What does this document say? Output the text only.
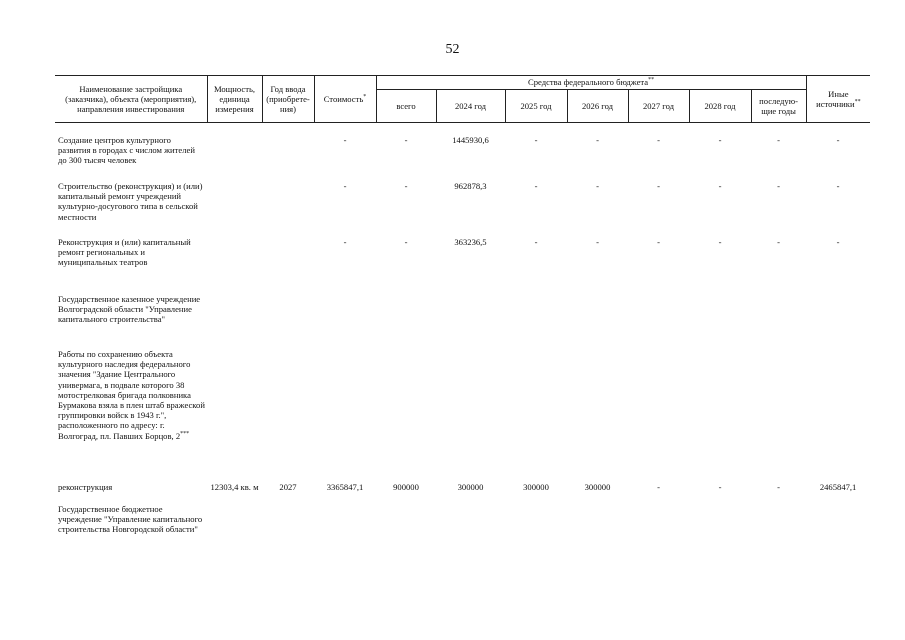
52
Наименование застройщика (заказчика), объекта (мероприятия), направления инвестирования	Мощность, единица измерения	Год ввода (приобрете-ния)	Стоимость*	Средства федерального бюджета**							Иные источники**
				всего	2024 год	2025 год	2026 год	2027 год	2028 год	последую-щие годы	
Создание центров культурного развития в городах с числом жителей до 300 тысяч человек			-	-	1445930,6	-	-	-	-	-	-
Строительство (реконструкция) и (или) капитальный ремонт учреждений культурно-досугового типа в сельской местности			-	-	962878,3	-	-	-	-	-	-
Реконструкция и (или) капитальный ремонт региональных и муниципальных театров			-	-	363236,5	-	-	-	-	-	-
Государственное казенное учреждение Волгоградской области "Управление капитального строительства"											
Работы по сохранению объекта культурного наследия федерального значения "Здание Центрального универмага, в подвале которого 38 мотострелковая бригада полковника Бурмакова взяла в плен штаб вражеской группировки войск в 1943 г.", расположенного по адресу: г. Волгоград, пл. Павших Борцов, 2***	
реконструкция	12303,4 кв. м	2027	3365847,1	900000	300000	300000	300000	-	-	-	2465847,1
Государственное бюджетное учреждение "Управление капитального строительства Новгородской области"											
